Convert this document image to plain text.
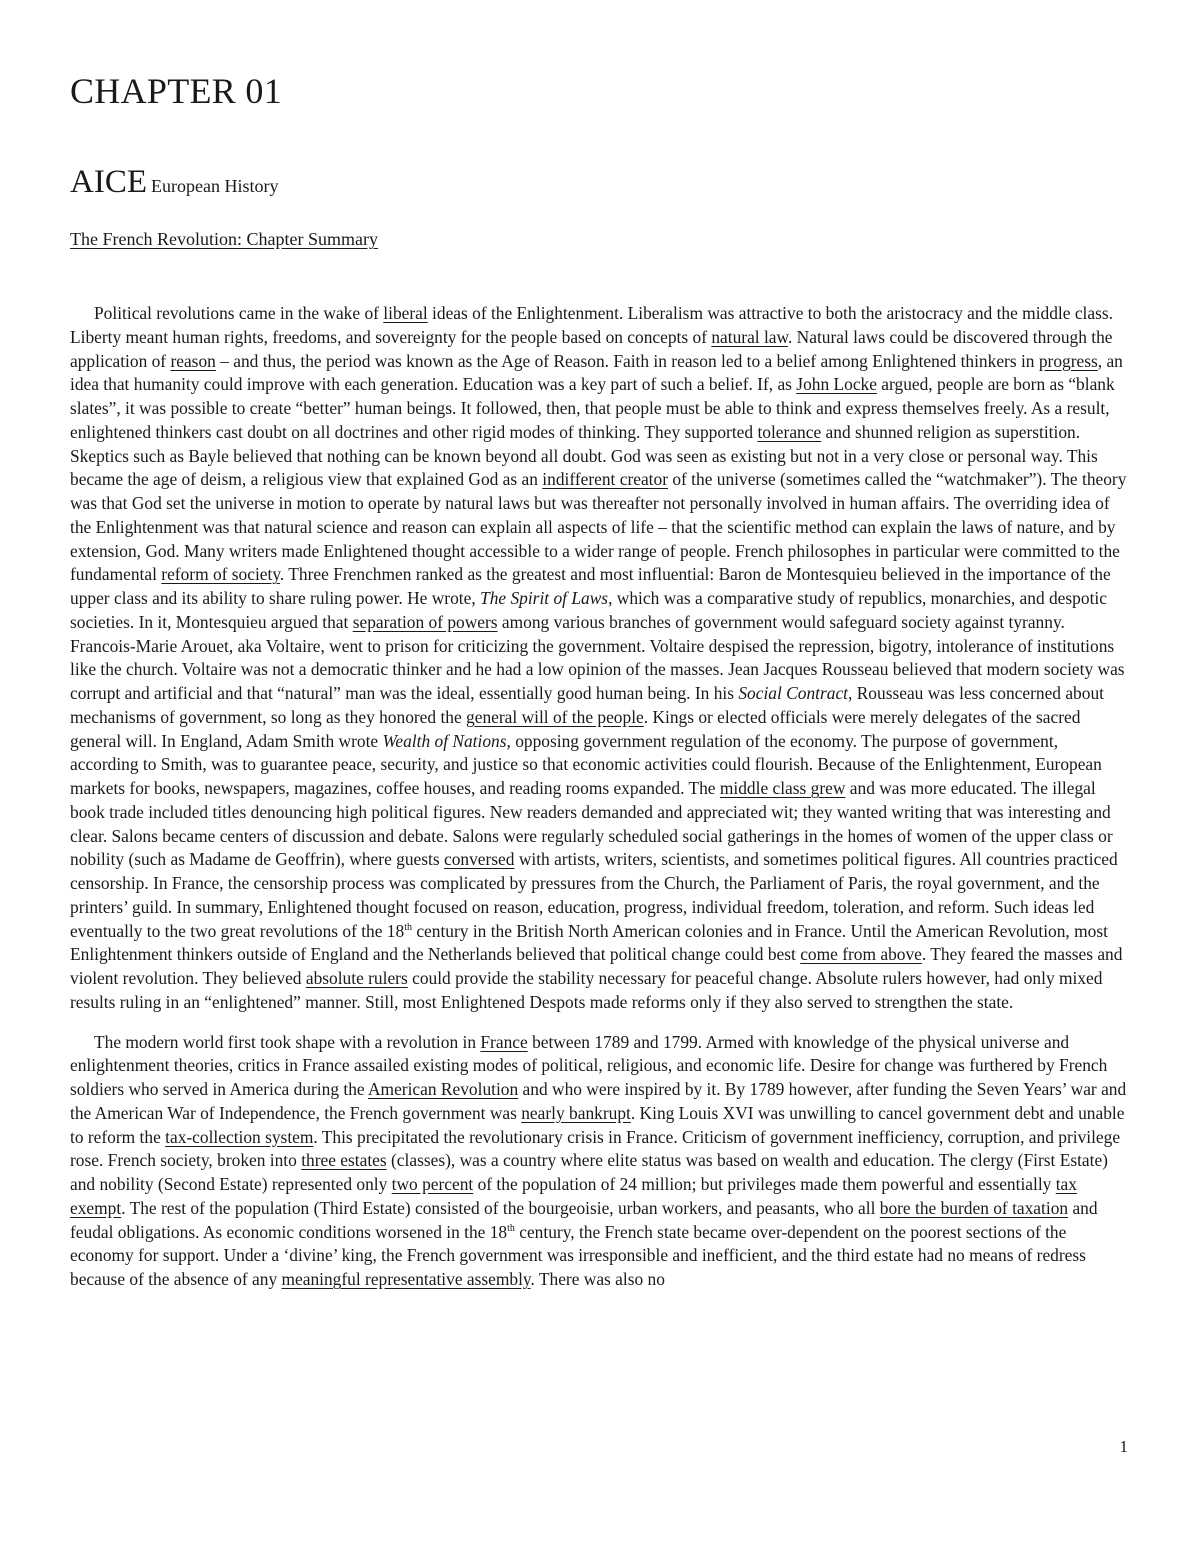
CHAPTER 01
AICE European History
The French Revolution: Chapter Summary

Political revolutions came in the wake of liberal ideas of the Enlightenment. Liberalism was attractive to both the aristocracy and the middle class. Liberty meant human rights, freedoms, and sovereignty for the people based on concepts of natural law. Natural laws could be discovered through the application of reason – and thus, the period was known as the Age of Reason. Faith in reason led to a belief among Enlightened thinkers in progress, an idea that humanity could improve with each generation. Education was a key part of such a belief. If, as John Locke argued, people are born as “blank slates”, it was possible to create “better” human beings. It followed, then, that people must be able to think and express themselves freely. As a result, enlightened thinkers cast doubt on all doctrines and other rigid modes of thinking. They supported tolerance and shunned religion as superstition. Skeptics such as Bayle believed that nothing can be known beyond all doubt. God was seen as existing but not in a very close or personal way. This became the age of deism, a religious view that explained God as an indifferent creator of the universe (sometimes called the “watchmaker”). The theory was that God set the universe in motion to operate by natural laws but was thereafter not personally involved in human affairs. The overriding idea of the Enlightenment was that natural science and reason can explain all aspects of life – that the scientific method can explain the laws of nature, and by extension, God. Many writers made Enlightened thought accessible to a wider range of people. French philosophes in particular were committed to the fundamental reform of society. Three Frenchmen ranked as the greatest and most influential: Baron de Montesquieu believed in the importance of the upper class and its ability to share ruling power. He wrote, The Spirit of Laws, which was a comparative study of republics, monarchies, and despotic societies. In it, Montesquieu argued that separation of powers among various branches of government would safeguard society against tyranny. Francois-Marie Arouet, aka Voltaire, went to prison for criticizing the government. Voltaire despised the repression, bigotry, intolerance of institutions like the church. Voltaire was not a democratic thinker and he had a low opinion of the masses. Jean Jacques Rousseau believed that modern society was corrupt and artificial and that “natural” man was the ideal, essentially good human being. In his Social Contract, Rousseau was less concerned about mechanisms of government, so long as they honored the general will of the people. Kings or elected officials were merely delegates of the sacred general will. In England, Adam Smith wrote Wealth of Nations, opposing government regulation of the economy. The purpose of government, according to Smith, was to guarantee peace, security, and justice so that economic activities could flourish. Because of the Enlightenment, European markets for books, newspapers, magazines, coffee houses, and reading rooms expanded. The middle class grew and was more educated. The illegal book trade included titles denouncing high political figures. New readers demanded and appreciated wit; they wanted writing that was interesting and clear. Salons became centers of discussion and debate. Salons were regularly scheduled social gatherings in the homes of women of the upper class or nobility (such as Madame de Geoffrin), where guests conversed with artists, writers, scientists, and sometimes political figures. All countries practiced censorship. In France, the censorship process was complicated by pressures from the Church, the Parliament of Paris, the royal government, and the printers’ guild. In summary, Enlightened thought focused on reason, education, progress, individual freedom, toleration, and reform. Such ideas led eventually to the two great revolutions of the 18th century in the British North American colonies and in France. Until the American Revolution, most Enlightenment thinkers outside of England and the Netherlands believed that political change could best come from above. They feared the masses and violent revolution. They believed absolute rulers could provide the stability necessary for peaceful change. Absolute rulers however, had only mixed results ruling in an “enlightened” manner. Still, most Enlightened Despots made reforms only if they also served to strengthen the state.

The modern world first took shape with a revolution in France between 1789 and 1799. Armed with knowledge of the physical universe and enlightenment theories, critics in France assailed existing modes of political, religious, and economic life. Desire for change was furthered by French soldiers who served in America during the American Revolution and who were inspired by it. By 1789 however, after funding the Seven Years’ war and the American War of Independence, the French government was nearly bankrupt. King Louis XVI was unwilling to cancel government debt and unable to reform the tax-collection system. This precipitated the revolutionary crisis in France. Criticism of government inefficiency, corruption, and privilege rose. French society, broken into three estates (classes), was a country where elite status was based on wealth and education. The clergy (First Estate) and nobility (Second Estate) represented only two percent of the population of 24 million; but privileges made them powerful and essentially tax exempt. The rest of the population (Third Estate) consisted of the bourgeoisie, urban workers, and peasants, who all bore the burden of taxation and feudal obligations. As economic conditions worsened in the 18th century, the French state became over-dependent on the poorest sections of the economy for support. Under a ‘divine’ king, the French government was irresponsible and inefficient, and the third estate had no means of redress because of the absence of any meaningful representative assembly. There was also no

1
